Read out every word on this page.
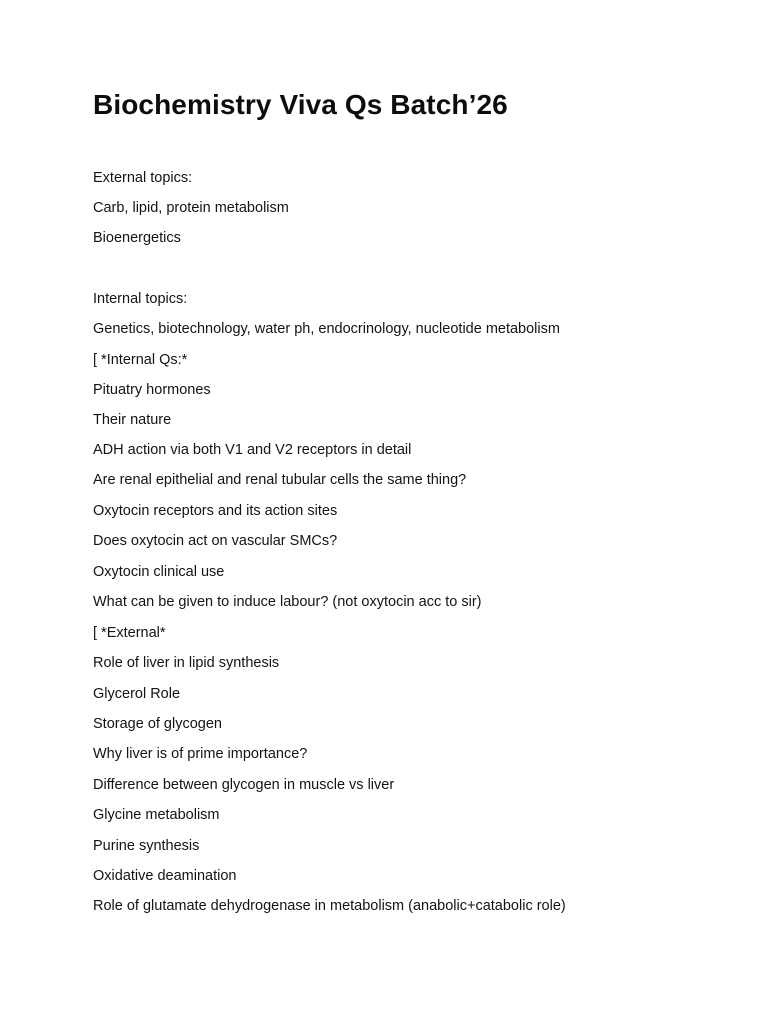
Biochemistry Viva Qs Batch’26
External topics:
Carb, lipid, protein metabolism
Bioenergetics
Internal topics:
Genetics, biotechnology, water ph, endocrinology, nucleotide metabolism
[ *Internal Qs:*
Pituatry hormones
Their nature
ADH action via both V1 and V2 receptors in detail
Are renal epithelial and renal tubular cells the same thing?
Oxytocin receptors and its action sites
Does oxytocin act on vascular SMCs?
Oxytocin clinical use
What can be given to induce labour? (not oxytocin acc to sir)
[ *External*
Role of liver in lipid synthesis
Glycerol Role
Storage of glycogen
Why liver is of prime importance?
Difference between glycogen in muscle vs liver
Glycine metabolism
Purine synthesis
Oxidative deamination
Role of glutamate dehydrogenase in metabolism (anabolic+catabolic role)
